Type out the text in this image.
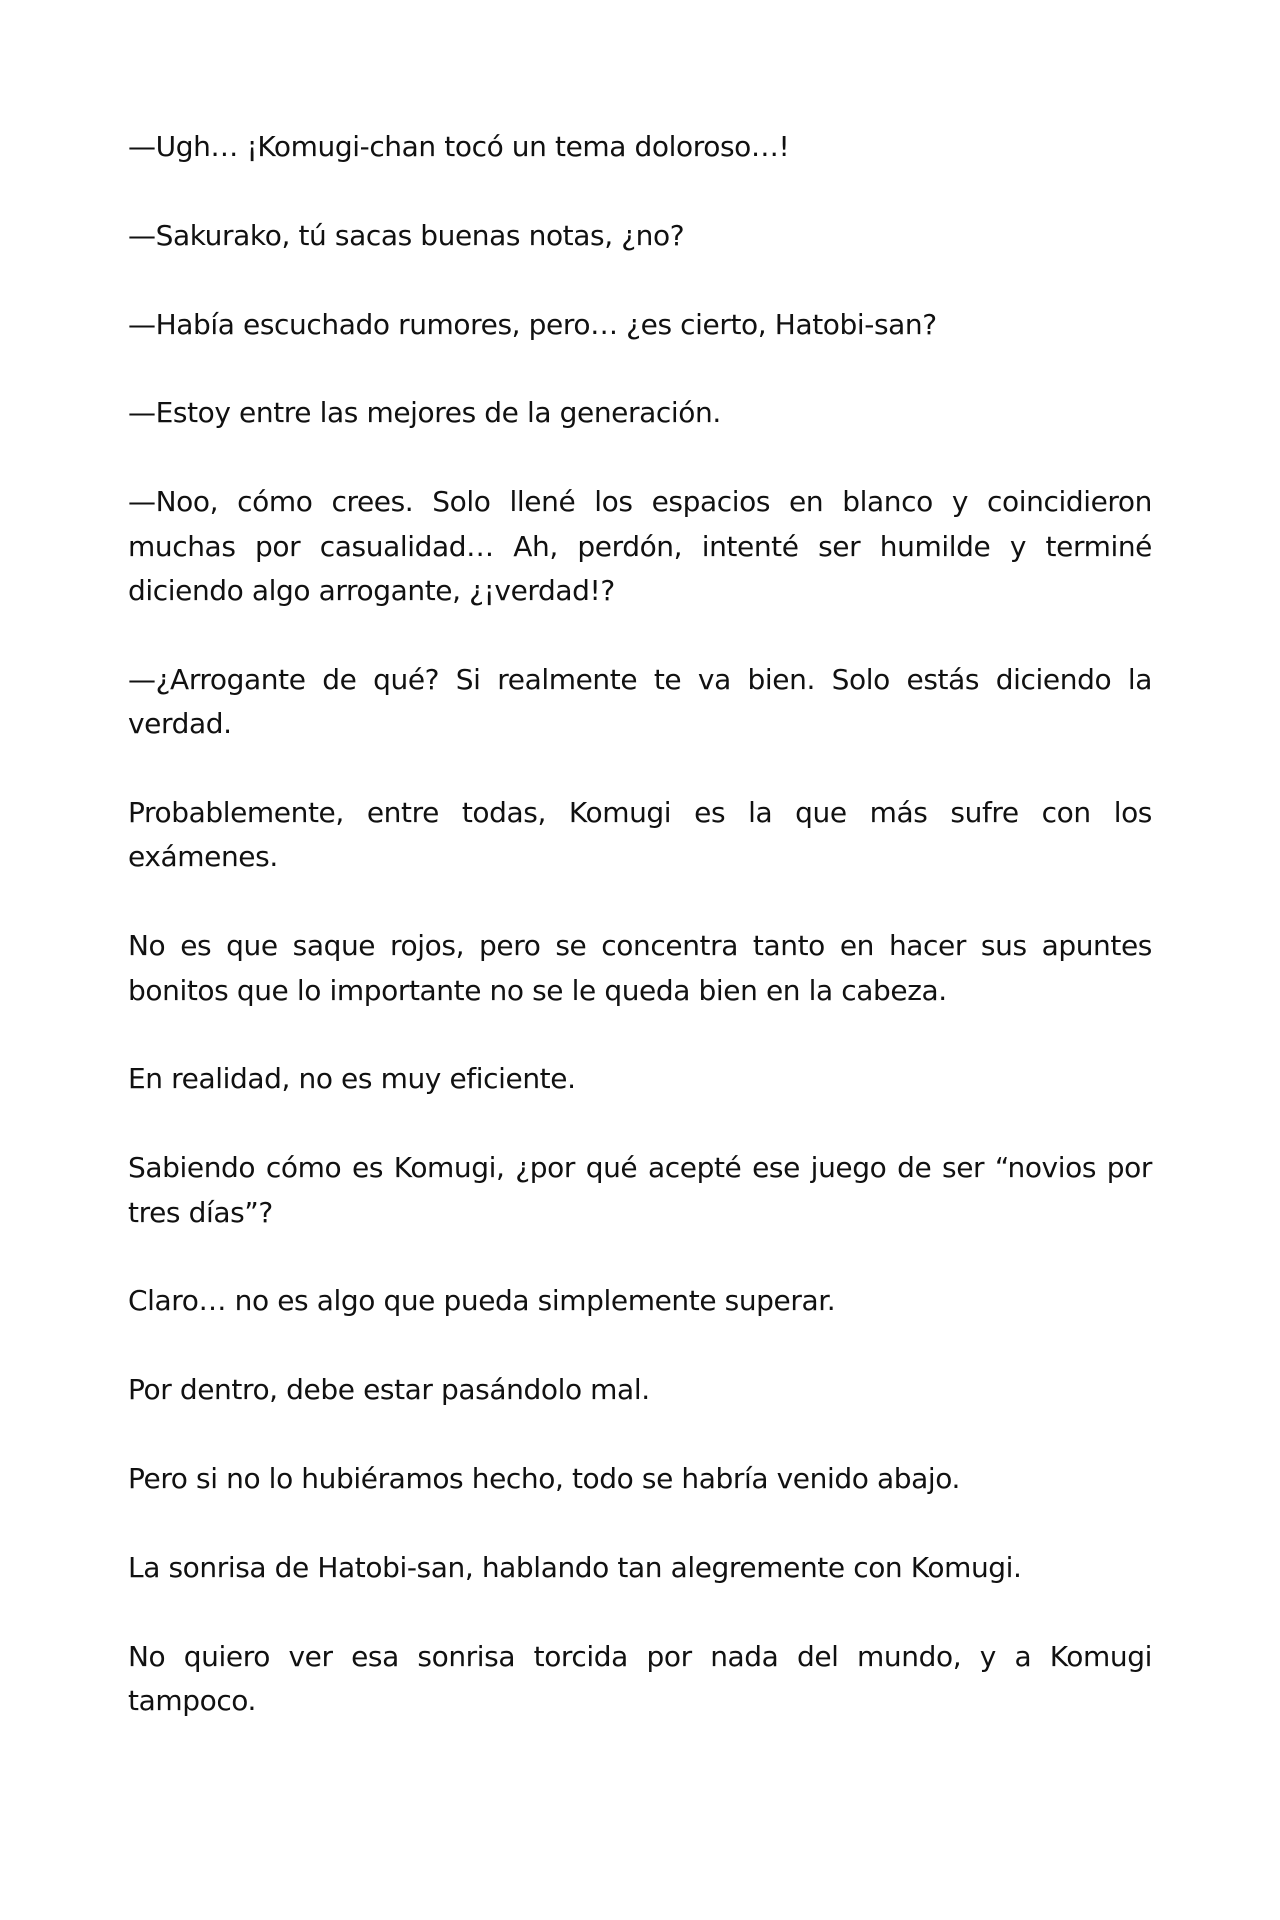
—Ugh… ¡Komugi-chan tocó un tema doloroso…!

—Sakurako, tú sacas buenas notas, ¿no?

—Había escuchado rumores, pero… ¿es cierto, Hatobi-san?

—Estoy entre las mejores de la generación.

—Noo, cómo crees. Solo llené los espacios en blanco y coincidieron muchas por casualidad… Ah, perdón, intenté ser humilde y terminé diciendo algo arrogante, ¿¡verdad!?

—¿Arrogante de qué? Si realmente te va bien. Solo estás diciendo la verdad.

Probablemente, entre todas, Komugi es la que más sufre con los exámenes.

No es que saque rojos, pero se concentra tanto en hacer sus apuntes bonitos que lo importante no se le queda bien en la cabeza.

En realidad, no es muy eficiente.

Sabiendo cómo es Komugi, ¿por qué acepté ese juego de ser “novios por tres días”?

Claro… no es algo que pueda simplemente superar.

Por dentro, debe estar pasándolo mal.

Pero si no lo hubiéramos hecho, todo se habría venido abajo.

La sonrisa de Hatobi-san, hablando tan alegremente con Komugi.

No quiero ver esa sonrisa torcida por nada del mundo, y a Komugi tampoco.
